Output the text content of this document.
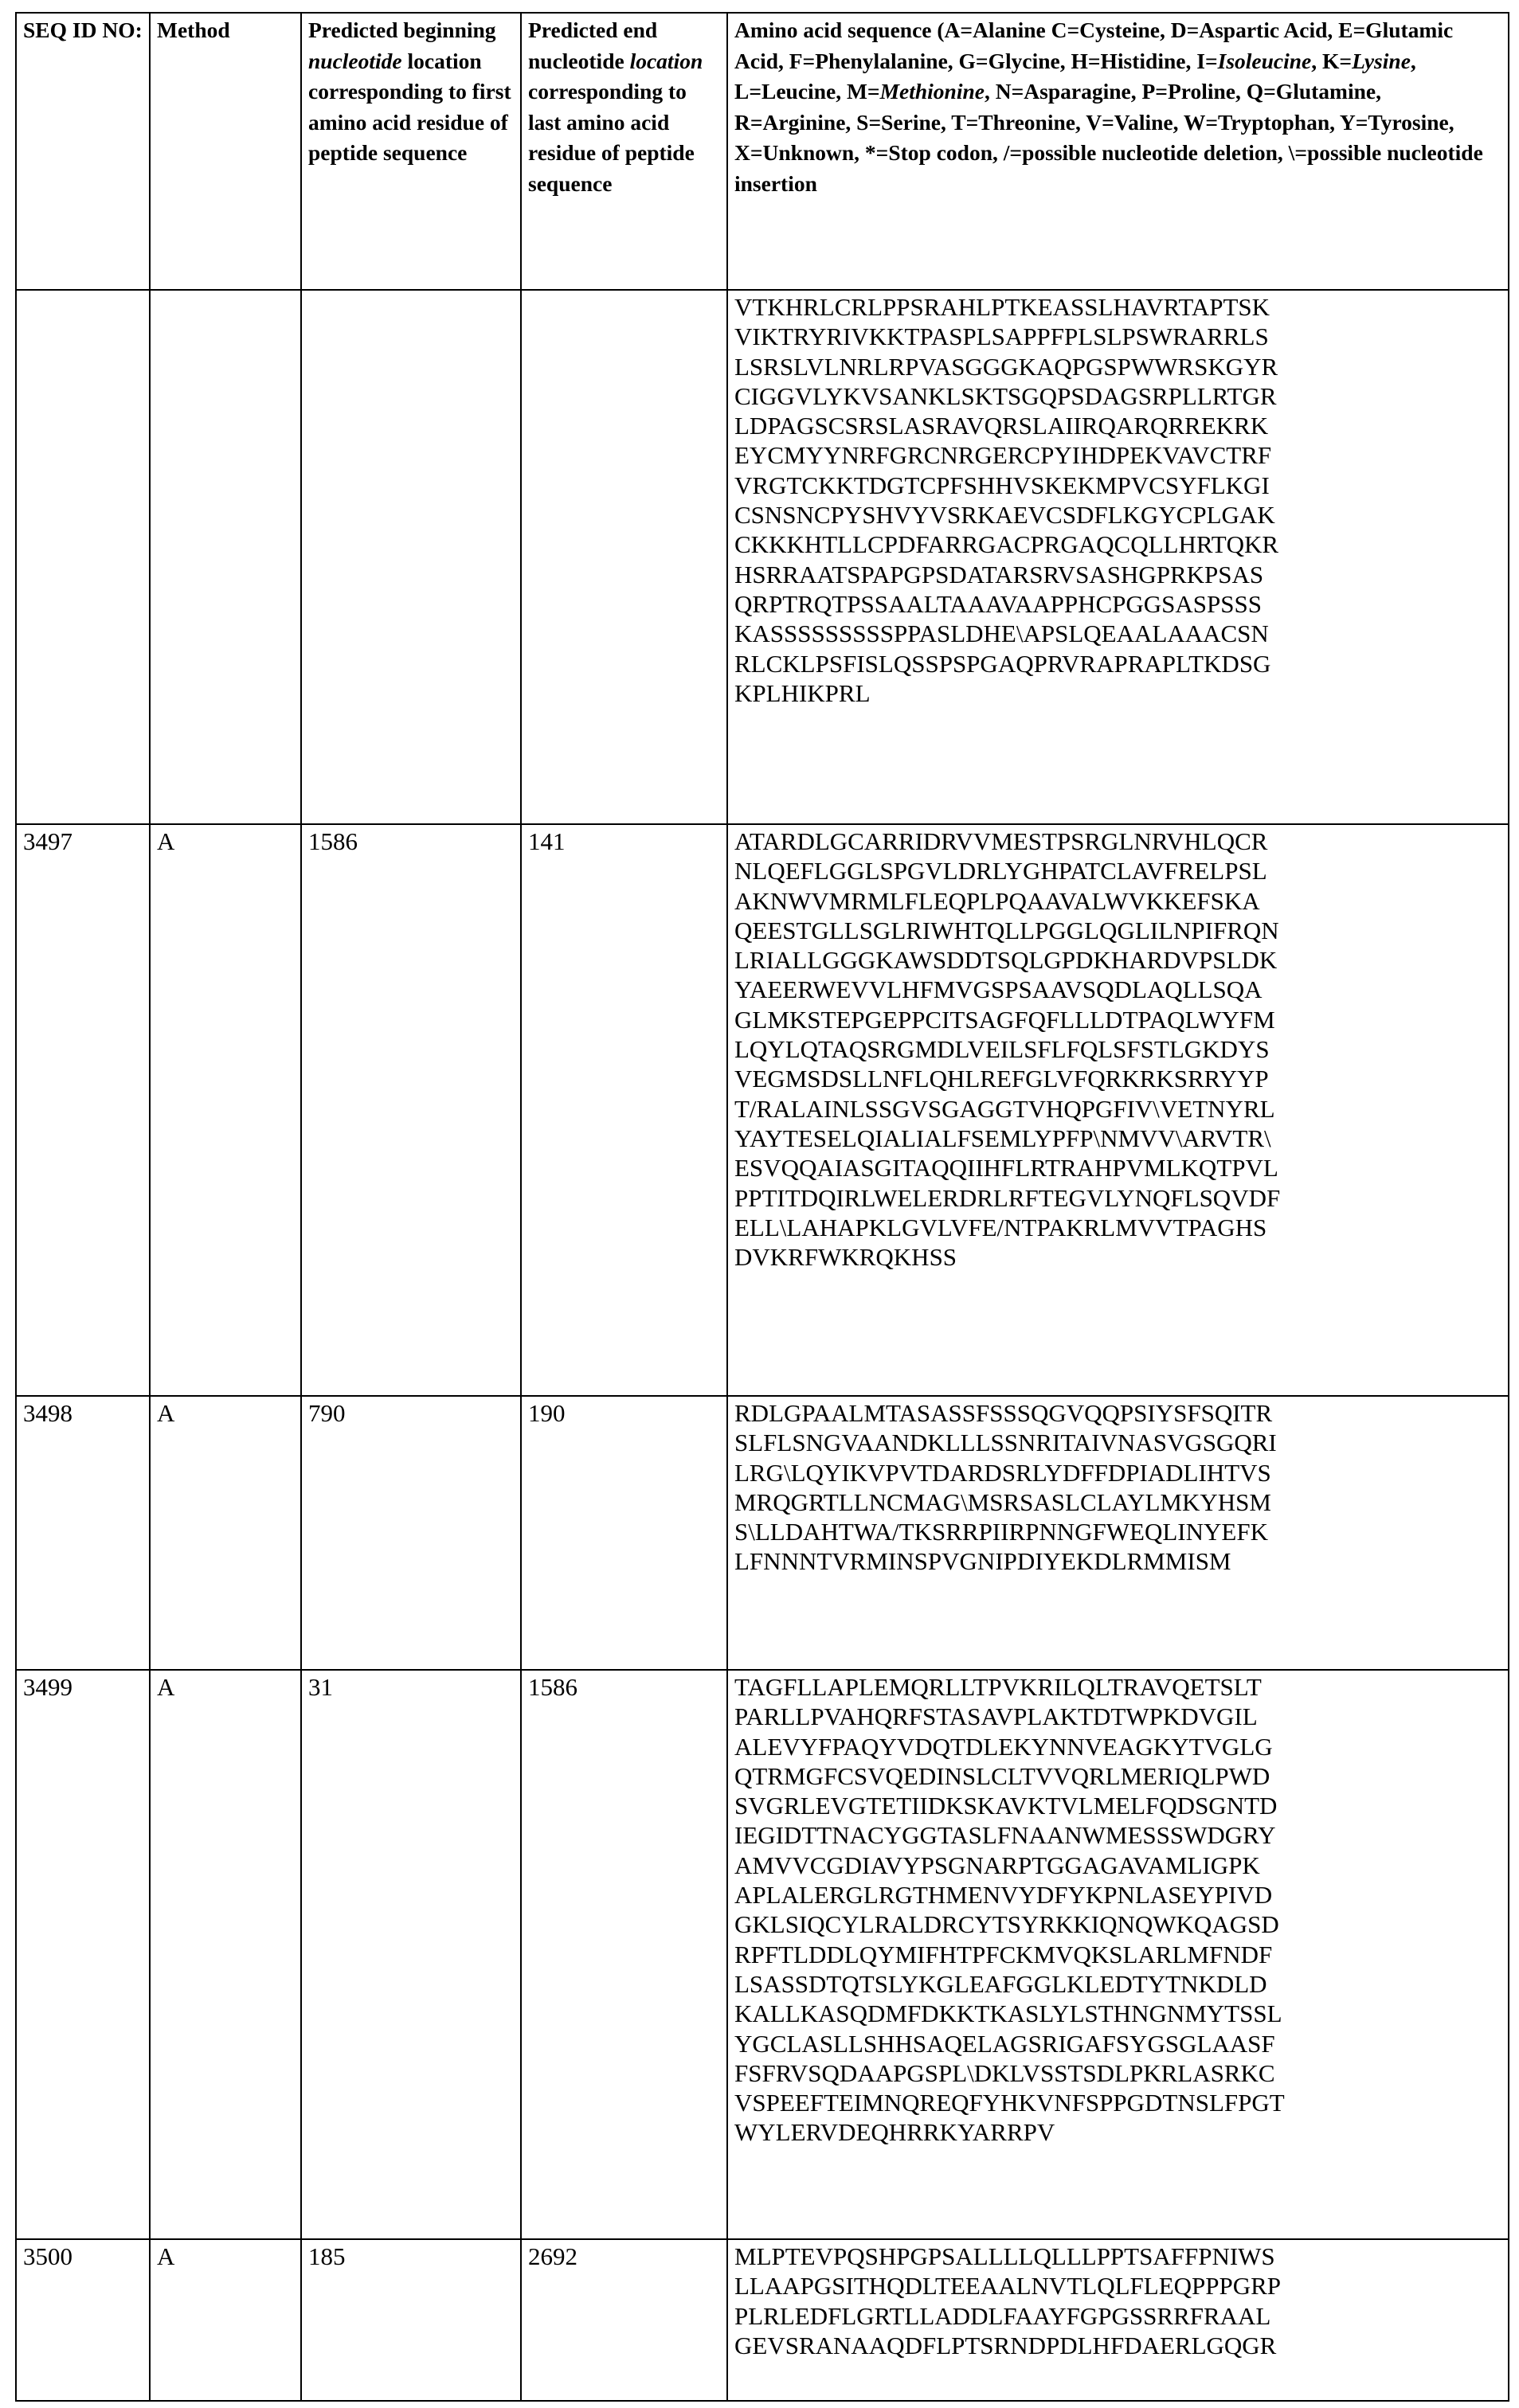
SEQ ID NO:	Method	Predicted beginning nucleotide location corresponding to first amino acid residue of peptide sequence	Predicted end nucleotide location corresponding to last amino acid residue of peptide sequence	Amino acid sequence (A=Alanine C=Cysteine, D=Aspartic Acid, E=Glutamic Acid, F=Phenylalanine, G=Glycine, H=Histidine, I=Isoleucine, K=Lysine, L=Leucine, M=Methionine, N=Asparagine, P=Proline, Q=Glutamine, R=Arginine, S=Serine, T=Threonine, V=Valine, W=Tryptophan, Y=Tyrosine, X=Unknown, *=Stop codon, /=possible nucleotide deletion, \=possible nucleotide insertion

VTKHRLCRLPPSRAHLPTKEASSLHAVRTAPTSK
VIKTRYRIVKKTPASPLSAPPFPLSLPSWRARRLS
LSRSLVLNRLRPVASGGGKAQPGSPWWRSKGYR
CIGGVLYKVSANKLSKTSGQPSDAGSRPLLRTGR
LDPAGSCSRSLASRAVQRSLAIIRQARQRREKRK
EYCMYYNRFGRCNRGERCPYIHDPEKVAVCTRF
VRGTCKKTDGTCPFSHHVSKEKMPVCSYFLKGI
CSNSNCPYSHVYVSRKAEVCSDFLKGYCPLGAK
CKKKHTLLCPDFARRGACPRGAQCQLLHRTQKR
HSRRAATSPAPGPSDATARSRVSASHGPRKPSAS
QRPTRQTPSSAALTAAAVAAPPHCPGGSASPSSS
KASSSSSSSSSPPASLDHE\APSLQEAALAAACSN
RLCKLPSFISLQSSPSPGAQPRVRAPRAPLTKDSG
KPLHIKPRL

3497	A	1586	141	ATARDLGCARRIDRVVMESTPSRGLNRVHLQCR
NLQEFLGGLSPGVLDRLYGHPATCLAVFRELPSL
AKNWVMRMLFLEQPLPQAAVALWVKKEFSKA
QEESTGLLSGLRIWHTQLLPGGLQGLILNPIFRQN
LRIALLGGGKAWSDDTSQLGPDKHARDVPSLDK
YAEERWEVVLHFMVGSPSAAVSQDLAQLLSQA
GLMKSTEPGEPPCITSAGFQFLLLDTPAQLWYFM
LQYLQTAQSRGMDLVEILSFLFQLSFSTLGKDYS
VEGMSDSLLNFLQHLREFGLVFQRKRKSRRYYP
T/RALAINLSSGVSGAGGTVHQPGFIV\VETNYRL
YAYTESELQIALIALFSEMLYPFP\NMVV\ARVTR\
ESVQQAIASGITAQQIIHFLRTRAHPVMLKQTPVL
PPTITDQIRLWELERDRLRFTEGVLYNQFLSQVDF
ELL\LAHAPKLGVLVFE/NTPAKRLMVVTPAGHS
DVKRFWKRQKHSS

3498	A	790	190	RDLGPAALMTASASSFSSSQGVQQPSIYSFSQITR
SLFLSNGVAANDKLLLSSNRITAIVNASVGSGQRI
LRG\LQYIKVPVTDARDSRLYDFFDPIADLIHTVS
MRQGRTLLNCMAG\MSRSASLCLAYLMKYHSM
S\LLDAHTWA/TKSRRPIIRPNNGFWEQLINYEFK
LFNNNTVRMINSPVGNIPDIYEKDLRMMISM

3499	A	31	1586	TAGFLLAPLEMQRLLTPVKRILQLTRAVQETSLT
PARLLPVAHQRFSTASAVPLAKTDTWPKDVGIL
ALEVYFPAQYVDQTDLEKYNNVEAGKYTVGLG
QTRMGFCSVQEDINSLCLTVVQRLMERIQLPWD
SVGRLEVGTETIIDKSKAVKTVLMELFQDSGNTD
IEGIDTTNACYGGTASLFNAANWMESSSWDGRY
AMVVCGDIAVYPSGNARPTGGAGAVAMLIGPK
APLALERGLRGTHMENVYDFYKPNLASEYPIVD
GKLSIQCYLRALDRCYTSYRKKIQNQWKQAGSD
RPFTLDDLQYMIFHTPFCKMVQKSLARLMFNDF
LSASSDTQTSLYKGLEAFGGLKLEDTYTNKDLD
KALLKASQDMFDKKTKASLYLSTHNGNMYTSSL
YGCLASLLSHHSAQELAGSRIGAFSYGSGLAASF
FSFRVSQDAAPGSPL\DKLVSSTSDLPKRLASRKC
VSPEEFTEIMNQREQFYHKVNFSPPGDTNSLFPGT
WYLERVDEQHRRKYARRPV

3500	A	185	2692	MLPTEVPQSHPGPSALLLLQLLLPPTSAFFPNIWS
LLAAPGSITHQDLTEEAALNVTLQLFLEQPPPGRP
PLRLEDFLGRTLLADDLFAAYFGPGSSRRFRAAL
GEVSRANAAQDFLPTSRNDPDLHFDAERLGQGR
